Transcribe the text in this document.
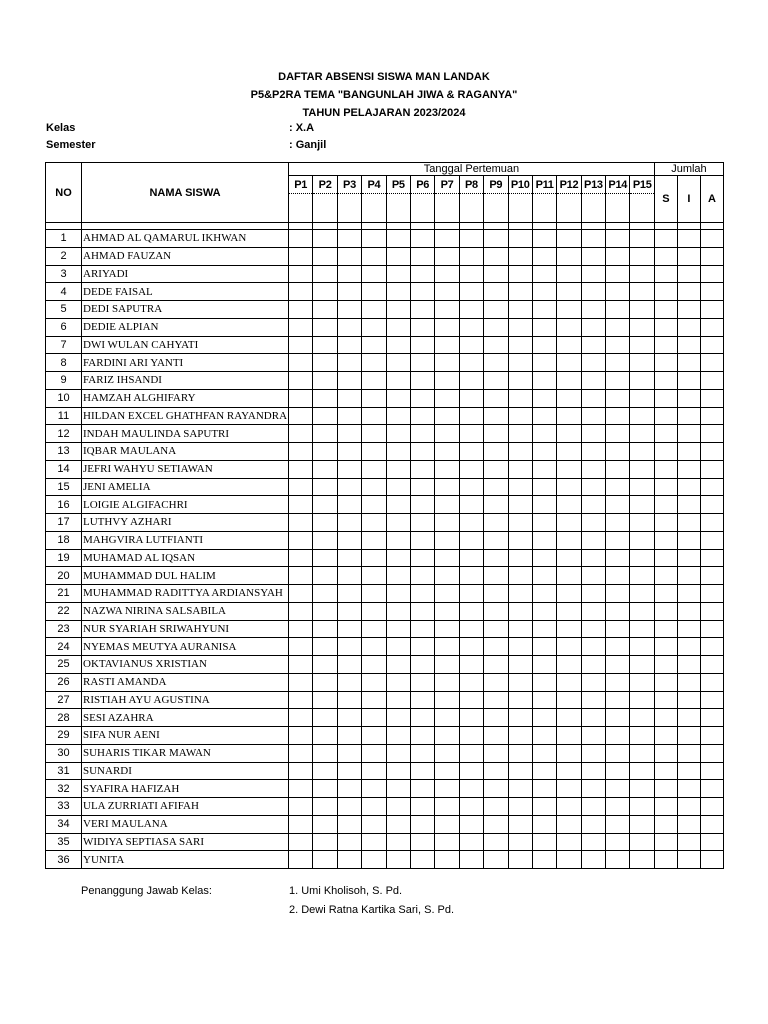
DAFTAR ABSENSI SISWA MAN LANDAK
P5&P2RA TEMA "BANGUNLAH JIWA & RAGANYA"
TAHUN PELAJARAN 2023/2024
Kelas	: X.A
Semester	: Ganjil
NO	NAMA SISWA	Tanggal Pertemuan															Jumlah		
		P1	P2	P3	P4	P5	P6	P7	P8	P9	P10	P11	P12	P13	P14	P15	S	I	A

1	AHMAD AL QAMARUL IKHWAN																		
2	AHMAD FAUZAN																		
3	ARIYADI																		
4	DEDE FAISAL																		
5	DEDI SAPUTRA																		
6	DEDIE ALPIAN																		
7	DWI WULAN CAHYATI																		
8	FARDINI ARI YANTI																		
9	FARIZ IHSANDI																		
10	HAMZAH ALGHIFARY																		
11	HILDAN EXCEL GHATHFAN RAYANDRA																		
12	INDAH MAULINDA SAPUTRI																		
13	IQBAR MAULANA																		
14	JEFRI WAHYU SETIAWAN																		
15	JENI AMELIA																		
16	LOIGIE ALGIFACHRI																		
17	LUTHVY AZHARI																		
18	MAHGVIRA LUTFIANTI																		
19	MUHAMAD AL IQSAN																		
20	MUHAMMAD DUL HALIM																		
21	MUHAMMAD RADITTYA ARDIANSYAH																		
22	NAZWA NIRINA SALSABILA																		
23	NUR SYARIAH SRIWAHYUNI																		
24	NYEMAS MEUTYA AURANISA																		
25	OKTAVIANUS XRISTIAN																		
26	RASTI AMANDA																		
27	RISTIAH AYU AGUSTINA																		
28	SESI AZAHRA																		
29	SIFA NUR AENI																		
30	SUHARIS TIKAR MAWAN																		
31	SUNARDI																		
32	SYAFIRA HAFIZAH																		
33	ULA ZURRIATI AFIFAH																		
34	VERI MAULANA																		
35	WIDIYA SEPTIASA SARI																		
36	YUNITA																		
Penanggung Jawab Kelas:	1. Umi Kholisoh, S. Pd.
2. Dewi Ratna Kartika Sari, S. Pd.
